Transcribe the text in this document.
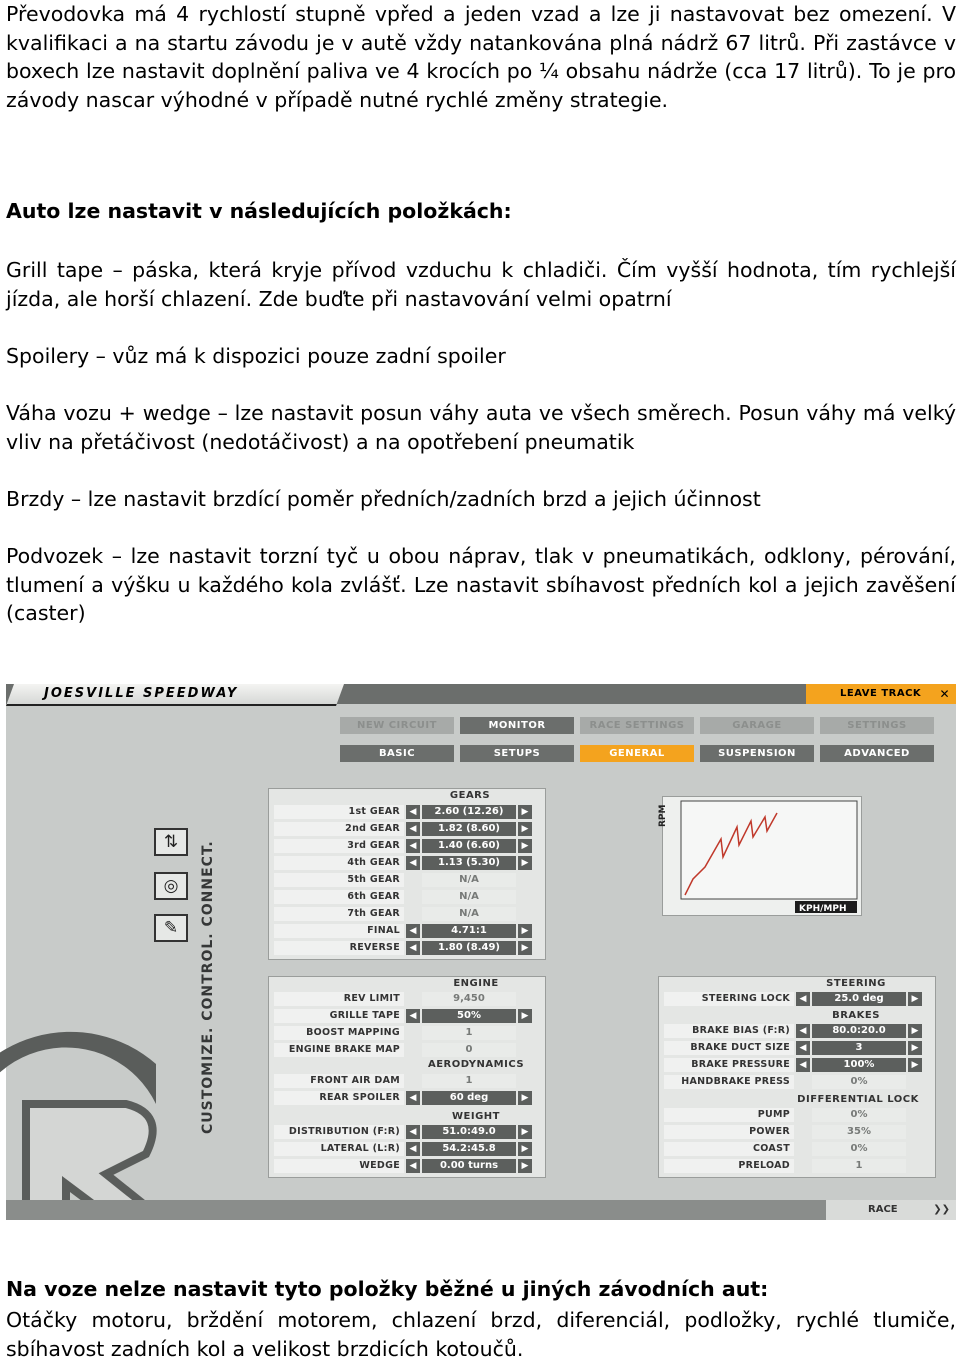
Převodovka má 4 rychlostí stupně vpřed a jeden vzad a lze ji nastavovat bez omezení. V kvalifikaci a na startu závodu je v autě vždy natankována plná nádrž 67 litrů. Při zastávce v boxech lze nastavit doplnění paliva ve 4 krocích po ¼ obsahu nádrže (cca 17 litrů). To je pro závody nascar výhodné v případě nutné rychlé změny strategie.

Auto lze nastavit v následujících položkách:

Grill tape – páska, která kryje přívod vzduchu k chladiči. Čím vyšší hodnota, tím rychlejší jízda, ale horší chlazení. Zde buďte při nastavování velmi opatrní

Spoilery – vůz má k dispozici pouze zadní spoiler

Váha vozu + wedge – lze nastavit posun váhy auta ve všech směrech. Posun váhy má velký vliv na přetáčivost (nedotáčivost) a na opotřebení pneumatik

Brzdy – lze nastavit brzdící poměr předních/zadních brzd a jejich účinnost

Podvozek – lze nastavit torzní tyč u obou náprav, tlak v pneumatikách, odklony, pérování, tlumení a výšku u každého kola zvlášť. Lze nastavit sbíhavost předních kol a jejich zavěšení (caster)

JOESVILLE SPEEDWAY	LEAVE TRACK ✕
NEW CIRCUIT	MONITOR	RACE SETTINGS	GARAGE	SETTINGS
BASIC	SETUPS	GENERAL	SUSPENSION	ADVANCED
⇅
◎
✎	CUSTOMIZE. CONTROL. CONNECT.
GEARS
RPM
KPH/MPH
ENGINE
AERODYNAMICS
WEIGHT
STEERING
BRAKES
DIFFERENTIAL LOCK
RACE	❯❯
1st GEAR	◀	2.60 (12.26)	▶
2nd GEAR	◀	1.82 (8.60)	▶
3rd GEAR	◀	1.40 (6.60)	▶
4th GEAR	◀	1.13 (5.30)	▶
5th GEAR	N/A
6th GEAR	N/A
7th GEAR	N/A
FINAL	◀	4.71:1	▶
REVERSE	◀	1.80 (8.49)	▶
REV LIMIT	9,450
GRILLE TAPE	◀	50%	▶
BOOST MAPPING	1
ENGINE BRAKE MAP	0
FRONT AIR DAM	1
REAR SPOILER	◀	60 deg	▶
DISTRIBUTION (F:R)	◀	51.0:49.0	▶
LATERAL (L:R)	◀	54.2:45.8	▶
WEDGE	◀	0.00 turns	▶
STEERING LOCK	◀	25.0 deg	▶
BRAKE BIAS (F:R)	◀	80.0:20.0	▶
BRAKE DUCT SIZE	◀	3	▶
BRAKE PRESSURE	◀	100%	▶
HANDBRAKE PRESS	0%
PUMP	0%
POWER	35%
COAST	0%
PRELOAD	1
Na voze nelze nastavit tyto položky běžné u jiných závodních aut:

Otáčky motoru, brždění motorem, chlazení brzd, diferenciál, podložky, rychlé tlumiče, sbíhavost zadních kol a velikost brzdicích kotoučů.
